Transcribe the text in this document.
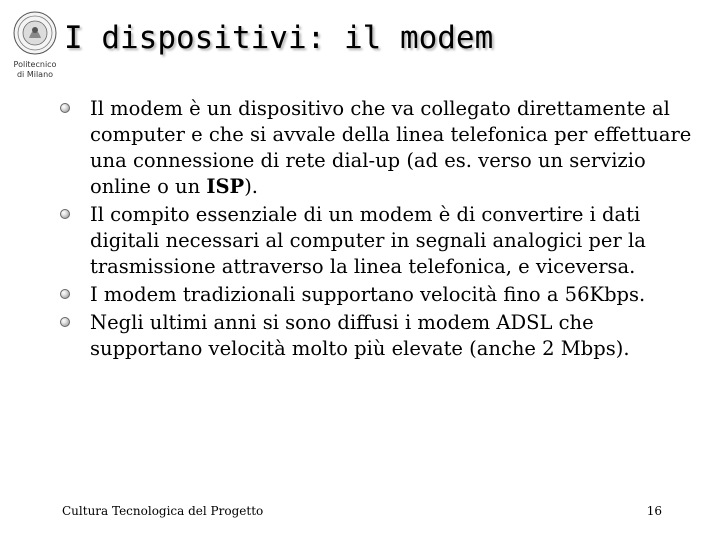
Politecnico
di Milano
I dispositivi: il modem
Il modem è un dispositivo che va collegato direttamente al computer e che si avvale della linea telefonica per effettuare una connessione di rete dial-up (ad es. verso un servizio online o un ISP).
Il compito essenziale di un modem è di convertire i dati digitali necessari al computer in segnali analogici per la trasmissione attraverso la linea telefonica, e viceversa.
I modem tradizionali supportano velocità fino a 56Kbps.
Negli ultimi anni si sono diffusi i modem ADSL che supportano velocità molto più elevate (anche 2 Mbps).
Cultura Tecnologica del Progetto	16
